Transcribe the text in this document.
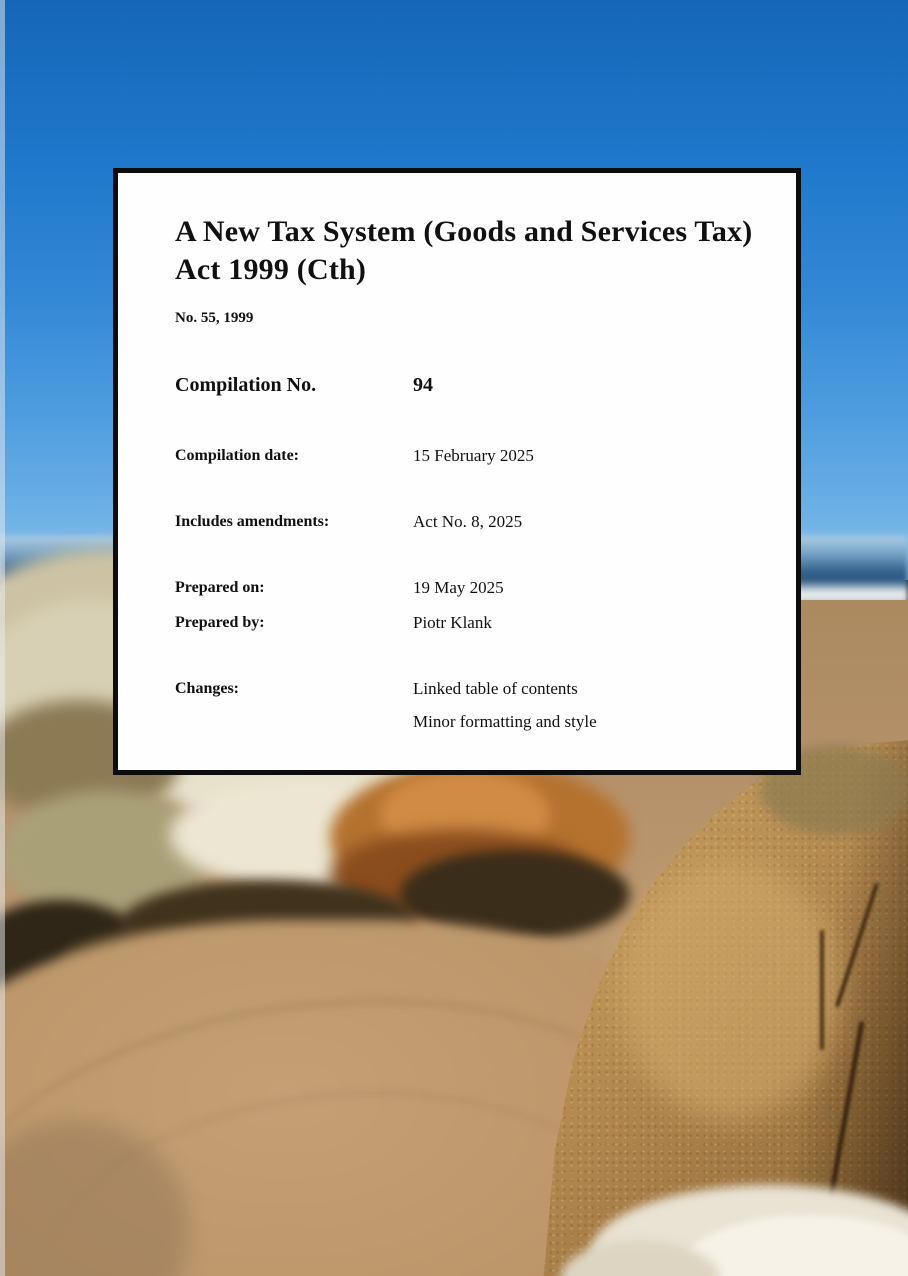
A New Tax System (Goods and Services Tax) Act 1999 (Cth)
No. 55, 1999
Compilation No.	94
Compilation date:	15 February 2025
Includes amendments:	Act No. 8, 2025
Prepared on:	19 May 2025
Prepared by:	Piotr Klank
Changes:	Linked table of contents
Minor formatting and style
